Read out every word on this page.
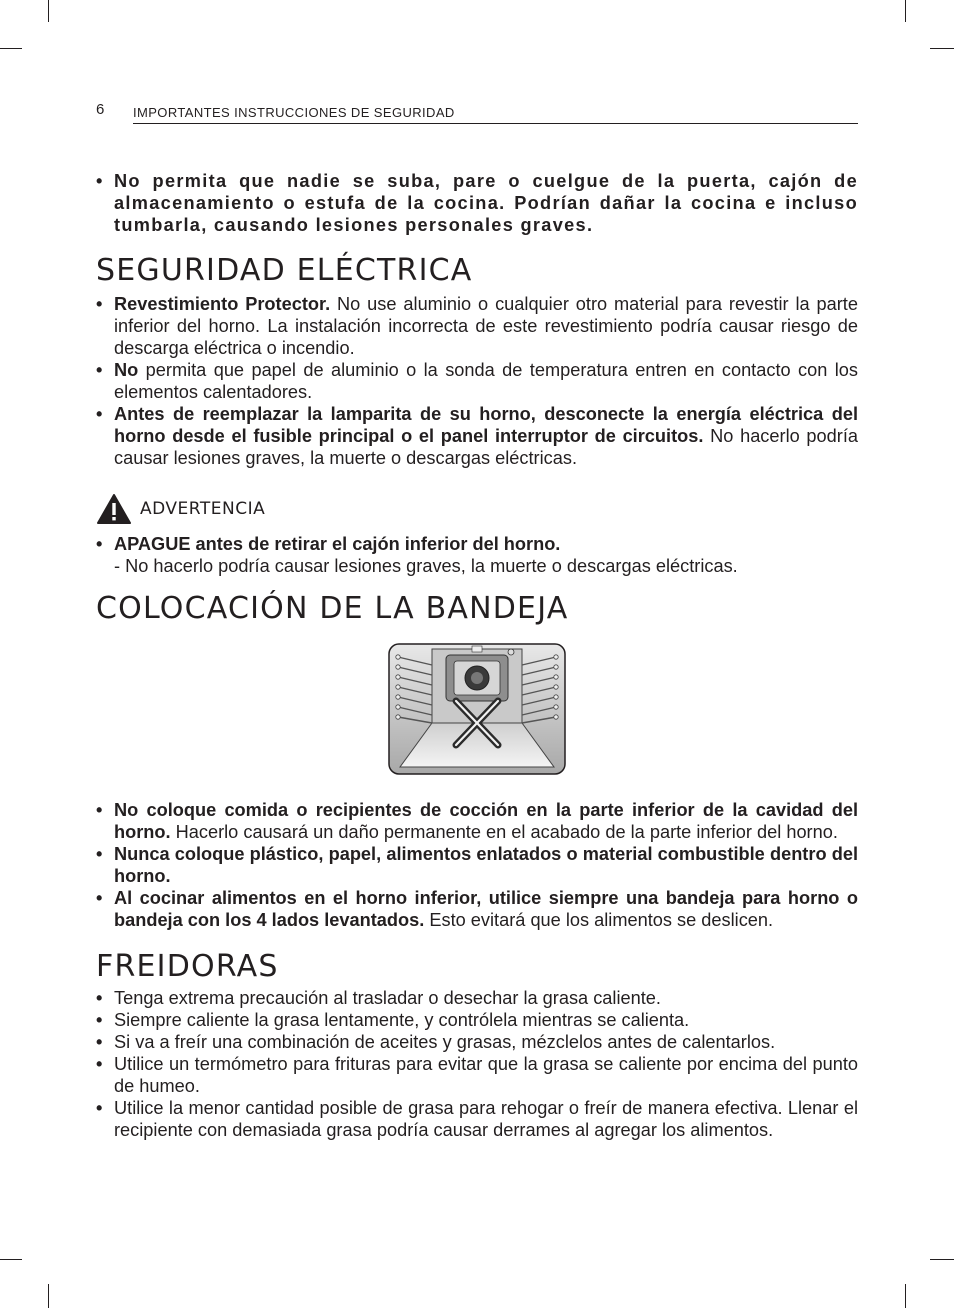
6 IMPORTANTES INSTRUCCIONES DE SEGURIDAD
• No permita que nadie se suba, pare o cuelgue de la puerta, cajón de almacenamiento o estufa de la cocina. Podrían dañar la cocina e incluso tumbarla, causando lesiones personales graves.
SEGURIDAD ELÉCTRICA
• Revestimiento Protector. No use aluminio o cualquier otro material para revestir la parte inferior del horno. La instalación incorrecta de este revestimiento podría causar riesgo de descarga eléctrica o incendio.
• No permita que papel de aluminio o la sonda de temperatura entren en contacto con los elementos calentadores.
• Antes de reemplazar la lamparita de su horno, desconecte la energía eléctrica del horno desde el fusible principal o el panel interruptor de circuitos. No hacerlo podría causar lesiones graves, la muerte o descargas eléctricas.
ADVERTENCIA
• APAGUE antes de retirar el cajón inferior del horno.
- No hacerlo podría causar lesiones graves, la muerte o descargas eléctricas.
COLOCACIÓN DE LA BANDEJA
• No coloque comida o recipientes de cocción en la parte inferior de la cavidad del horno. Hacerlo causará un daño permanente en el acabado de la parte inferior del horno.
• Nunca coloque plástico, papel, alimentos enlatados o material combustible dentro del horno.
• Al cocinar alimentos en el horno inferior, utilice siempre una bandeja para horno o bandeja con los 4 lados levantados. Esto evitará que los alimentos se deslicen.
FREIDORAS
• Tenga extrema precaución al trasladar o desechar la grasa caliente.
• Siempre caliente la grasa lentamente, y contrólela mientras se calienta.
• Si va a freír una combinación de aceites y grasas, mézclelos antes de calentarlos.
• Utilice un termómetro para frituras para evitar que la grasa se caliente por encima del punto de humeo.
• Utilice la menor cantidad posible de grasa para rehogar o freír de manera efectiva. Llenar el recipiente con demasiada grasa podría causar derrames al agregar los alimentos.
